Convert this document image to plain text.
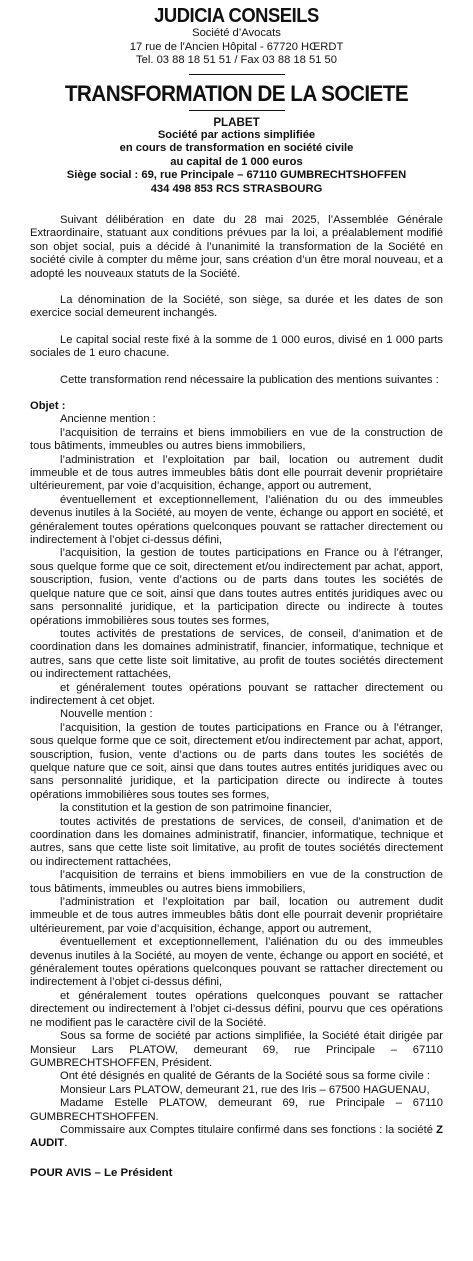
JUDICIA CONSEILS
Société d’Avocats
17 rue de l'Ancien Hôpital - 67720 HŒRDT
Tel. 03 88 18 51 51 / Fax 03 88 18 51 50
TRANSFORMATION DE LA SOCIETE
PLABET
Société par actions simplifiée
en cours de transformation en société civile
au capital de 1 000 euros
Siège social : 69, rue Principale – 67110 GUMBRECHTSHOFFEN
434 498 853 RCS STRASBOURG

Suivant délibération en date du 28 mai 2025, l’Assemblée Générale Extraordinaire, statuant aux conditions prévues par la loi, a préalablement modifié son objet social, puis a décidé à l’unanimité la transformation de la Société en société civile à compter du même jour, sans création d’un être moral nouveau, et a adopté les nouveaux statuts de la Société.

La dénomination de la Société, son siège, sa durée et les dates de son exercice social demeurent inchangés.

Le capital social reste fixé à la somme de 1 000 euros, divisé en 1 000 parts sociales de 1 euro chacune.

Cette transformation rend nécessaire la publication des mentions suivantes :

Objet :

Ancienne mention :

l’acquisition de terrains et biens immobiliers en vue de la construction de tous bâtiments, immeubles ou autres biens immobiliers,

l’administration et l’exploitation par bail, location ou autrement dudit immeuble et de tous autres immeubles bâtis dont elle pourrait devenir propriétaire ultérieurement, par voie d’acquisition, échange, apport ou autrement,

éventuellement et exceptionnellement, l’aliénation du ou des immeubles devenus inutiles à la Société, au moyen de vente, échange ou apport en société, et généralement toutes opérations quelconques pouvant se rattacher directement ou indirectement à l’objet ci-dessus défini,

l’acquisition, la gestion de toutes participations en France ou à l’étranger, sous quelque forme que ce soit, directement et/ou indirectement par achat, apport, souscription, fusion, vente d’actions ou de parts dans toutes les sociétés de quelque nature que ce soit, ainsi que dans toutes autres entités juridiques avec ou sans personnalité juridique, et la participation directe ou indirecte à toutes opérations immobilières sous toutes ses formes,

toutes activités de prestations de services, de conseil, d’animation et de coordination dans les domaines administratif, financier, informatique, technique et autres, sans que cette liste soit limitative, au profit de toutes sociétés directement ou indirectement rattachées,

et généralement toutes opérations pouvant se rattacher directement ou indirectement à cet objet.

Nouvelle mention :

l’acquisition, la gestion de toutes participations en France ou à l’étranger, sous quelque forme que ce soit, directement et/ou indirectement par achat, apport, souscription, fusion, vente d’actions ou de parts dans toutes les sociétés de quelque nature que ce soit, ainsi que dans toutes autres entités juridiques avec ou sans personnalité juridique, et la participation directe ou indirecte à toutes opérations immobilières sous toutes ses formes,

la constitution et la gestion de son patrimoine financier,

toutes activités de prestations de services, de conseil, d’animation et de coordination dans les domaines administratif, financier, informatique, technique et autres, sans que cette liste soit limitative, au profit de toutes sociétés directement ou indirectement rattachées,

l’acquisition de terrains et biens immobiliers en vue de la construction de tous bâtiments, immeubles ou autres biens immobiliers,

l’administration et l’exploitation par bail, location ou autrement dudit immeuble et de tous autres immeubles bâtis dont elle pourrait devenir propriétaire ultérieurement, par voie d’acquisition, échange, apport ou autrement,

éventuellement et exceptionnellement, l’aliénation du ou des immeubles devenus inutiles à la Société, au moyen de vente, échange ou apport en société, et généralement toutes opérations quelconques pouvant se rattacher directement ou indirectement à l’objet ci-dessus défini,

et généralement toutes opérations quelconques pouvant se rattacher directement ou indirectement à l’objet ci-dessus défini, pourvu que ces opérations ne modifient pas le caractère civil de la Société.

Sous sa forme de société par actions simplifiée, la Société était dirigée par Monsieur Lars PLATOW, demeurant 69, rue Principale – 67110 GUMBRECHTSHOFFEN, Président.

Ont été désignés en qualité de Gérants de la Société sous sa forme civile :

Monsieur Lars PLATOW, demeurant 21, rue des Iris – 67500 HAGUENAU,

Madame Estelle PLATOW, demeurant 69, rue Principale – 67110 GUMBRECHTSHOFFEN.

Commissaire aux Comptes titulaire confirmé dans ses fonctions : la société Z AUDIT.

POUR AVIS – Le Président
